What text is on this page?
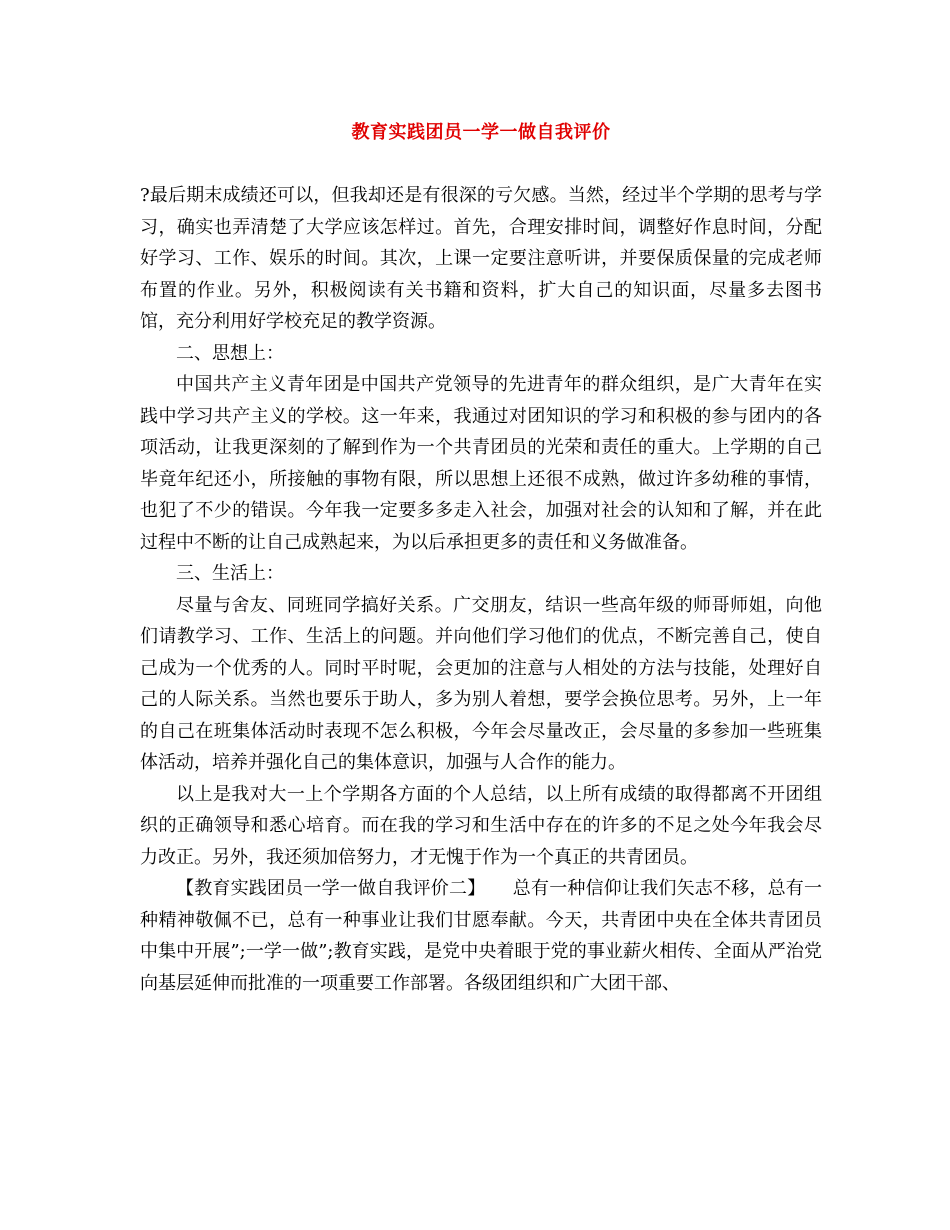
教育实践团员一学一做自我评价

?最后期末成绩还可以，但我却还是有很深的亏欠感。当然，经过半个学期的思考与学习，确实也弄清楚了大学应该怎样过。首先，合理安排时间，调整好作息时间，分配好学习、工作、娱乐的时间。其次，上课一定要注意听讲，并要保质保量的完成老师布置的作业。另外，积极阅读有关书籍和资料，扩大自己的知识面，尽量多去图书馆，充分利用好学校充足的教学资源。

二、思想上：

中国共产主义青年团是中国共产党领导的先进青年的群众组织，是广大青年在实践中学习共产主义的学校。这一年来，我通过对团知识的学习和积极的参与团内的各项活动，让我更深刻的了解到作为一个共青团员的光荣和责任的重大。上学期的自己毕竟年纪还小，所接触的事物有限，所以思想上还很不成熟，做过许多幼稚的事情，也犯了不少的错误。今年我一定要多多走入社会，加强对社会的认知和了解，并在此过程中不断的让自己成熟起来，为以后承担更多的责任和义务做准备。

三、生活上：

尽量与舍友、同班同学搞好关系。广交朋友，结识一些高年级的师哥师姐，向他们请教学习、工作、生活上的问题。并向他们学习他们的优点，不断完善自己，使自己成为一个优秀的人。同时平时呢，会更加的注意与人相处的方法与技能，处理好自己的人际关系。当然也要乐于助人，多为别人着想，要学会换位思考。另外，上一年的自己在班集体活动时表现不怎么积极，今年会尽量改正，会尽量的多参加一些班集体活动，培养并强化自己的集体意识，加强与人合作的能力。

以上是我对大一上个学期各方面的个人总结，以上所有成绩的取得都离不开团组织的正确领导和悉心培育。而在我的学习和生活中存在的许多的不足之处今年我会尽力改正。另外，我还须加倍努力，才无愧于作为一个真正的共青团员。

【教育实践团员一学一做自我评价二】　　总有一种信仰让我们矢志不移，总有一种精神敬佩不已，总有一种事业让我们甘愿奉献。今天，共青团中央在全体共青团员中集中开展”;一学一做”;教育实践，是党中央着眼于党的事业薪火相传、全面从严治党向基层延伸而批准的一项重要工作部署。各级团组织和广大团干部、
